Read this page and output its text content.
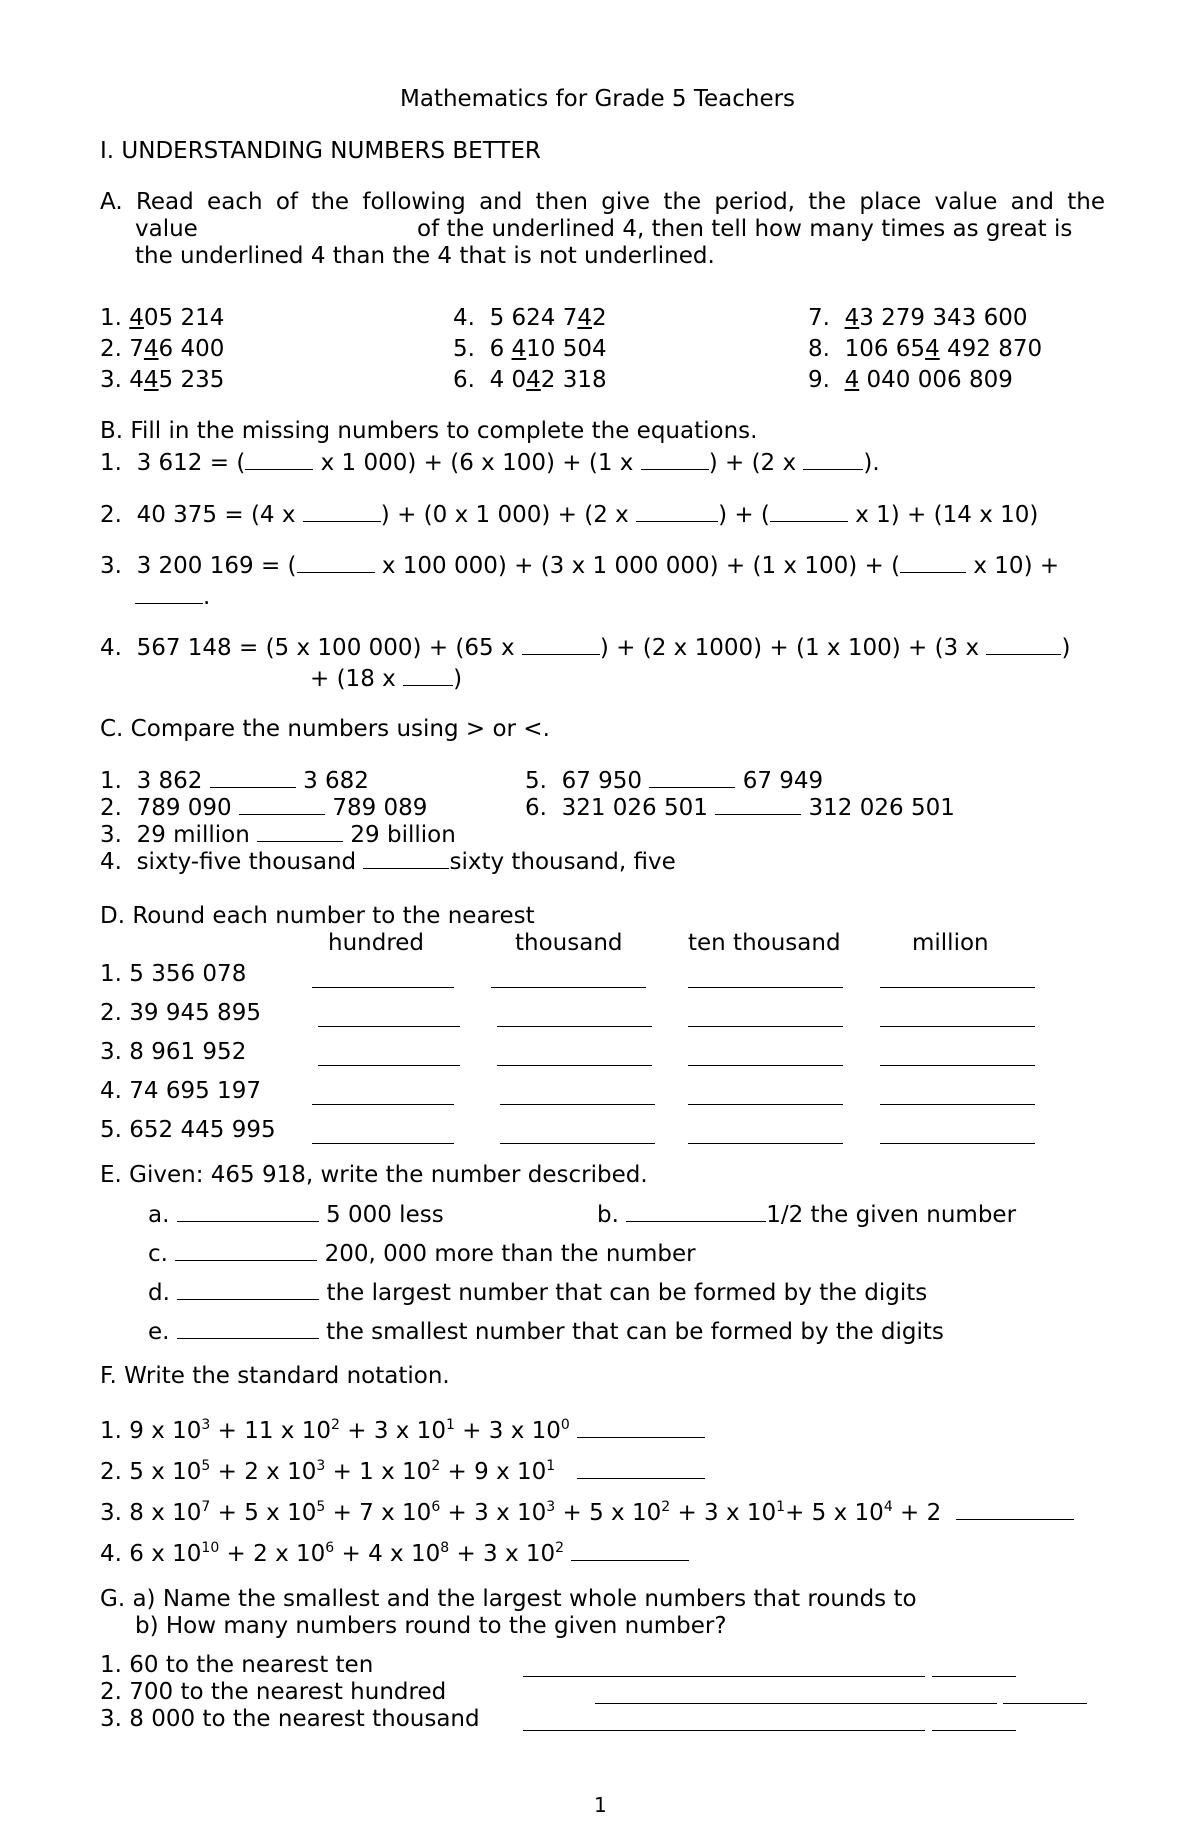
Mathematics for Grade 5 Teachers
I. UNDERSTANDING NUMBERS BETTER
A. Read each of the following and then give the period, the place value and the
value	of the underlined 4, then tell how many times as great is
the underlined 4 than the 4 that is not underlined.
1. 405 214
2. 746 400
3. 445 235
4. 5 624 742
5. 6 410 504
6. 4 042 318
7. 43 279 343 600
8. 106 654 492 870
9. 4 040 006 809
B. Fill in the missing numbers to complete the equations.
1. 3 612 = (	x 1 000) + (6 x 100) + (1 x	) + (2 x	).
2. 40 375 = (4 x	) + (0 x 1 000) + (2 x	) + (	x 1) + (14 x 10)
3. 3 200 169 = (	x 100 000) + (3 x 1 000 000) + (1 x 100) + (	x 10) +
.
4. 567 148 = (5 x 100 000) + (65 x	) + (2 x 1000) + (1 x 100) + (3 x	)
+ (18 x )
C. Compare the numbers using > or <.
1. 3 862	3 682
2. 789 090	789 089
3. 29 million	29 billion
4. sixty-five thousand	sixty thousand, five
5. 67 950	67 949
6. 321 026 501	312 026 501
D. Round each number to the nearest
hundred	thousand	ten thousand	million
1. 5 356 078
2. 39 945 895
3. 8 961 952
4. 74 695 197
5. 652 445 995
E. Given: 465 918, write the number described.
a.	5 000 less	b.	1/2 the given number
c.	200, 000 more than the number
d.	the largest number that can be formed by the digits
e.	the smallest number that can be formed by the digits
F. Write the standard notation.
1. 9 x $10^3 + 11$ x $10^2 + 3$ x $10^1 + 3$ x $10^0$
2. 5 x $10^5 + 2$ x $10^3 + 1$ x $10^2 + 9$ x $10^1$
3. 8 x $10^7 + 5$ x $10^5 + 7$ x $10^6 + 3$ x $10^3 + 5$ x $10^2 + 3$ x $10^1+ 5$ x $10^4 + 2$
4. 6 x $10^{10} + 2$ x $10^6 + 4$ x $10^8 + 3$ x $10^2$
G. a) Name the smallest and the largest whole numbers that rounds to
b) How many numbers round to the given number?
1. 60 to the nearest ten
2. 700 to the nearest hundred
3. 8 000 to the nearest thousand
1
